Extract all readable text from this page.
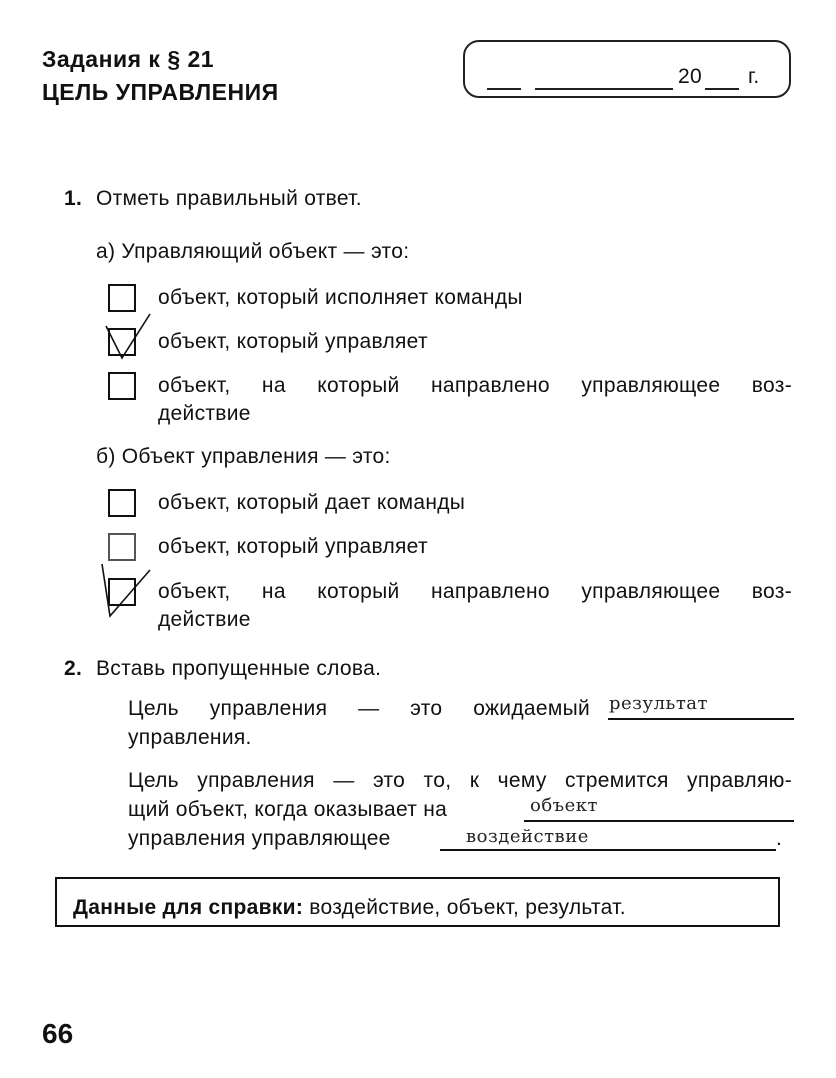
Задания к § 21
ЦЕЛЬ УПРАВЛЕНИЯ
20 г.
1. Отметь правильный ответ.
а) Управляющий объект — это:
объект, который исполняет команды
объект, который управляет
объект, на который направлено управляющее воз-
действие
б) Объект управления — это:
объект, который дает команды
объект, который управляет
объект, на который направлено управляющее воз-
действие
2. Вставь пропущенные слова.
Цель управления — это ожидаемый результат
управления.
Цель управления — это то, к чему стремится управляю-
щий объект, когда оказывает на	объект
управления управляющее	воздействие	.
Данные для справки: воздействие, объект, результат.
66
